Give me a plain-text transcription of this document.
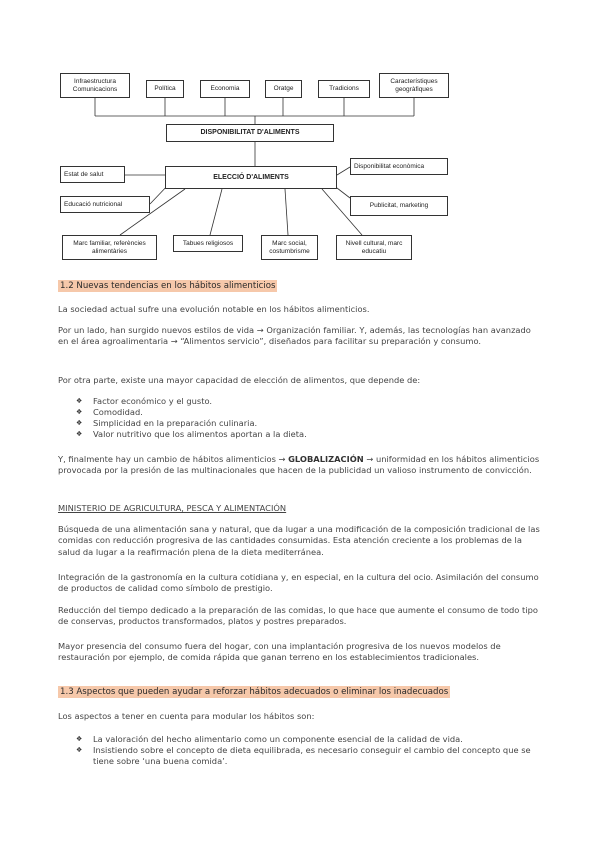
Infraestructura Comunicacions	Política	Economia	Oratge	Tradicions
Característiques geogràfiques
DISPONIBILITAT D'ALIMENTS
ELECCIÓ D'ALIMENTS
Estat de salut
Educació nutricional
Disponibilitat econòmica
Publicitat, marketing
Marc familiar, referències alimentàries
Tabues religiosos	Marc social, costumbrisme
Nivell cultural, marc educatiu
1.2 Nuevas tendencias en los hábitos alimenticios

La sociedad actual sufre una evolución notable en los hábitos alimenticios.

Por un lado, han surgido nuevos estilos de vida → Organización familiar. Y, además, las tecnologías han avanzado en el área agroalimentaria → “Alimentos servicio”, diseñados para facilitar su preparación y consumo.

Por otra parte, existe una mayor capacidad de elección de alimentos, que depende de:

❖ Factor económico y el gusto.
❖ Comodidad.
❖ Simplicidad en la preparación culinaria.
❖ Valor nutritivo que los alimentos aportan a la dieta.

Y, finalmente hay un cambio de hábitos alimenticios → GLOBALIZACIÓN → uniformidad en los hábitos alimenticios provocada por la presión de las multinacionales que hacen de la publicidad un valioso instrumento de convicción.

MINISTERIO DE AGRICULTURA, PESCA Y ALIMENTACIÓN

Búsqueda de una alimentación sana y natural, que da lugar a una modificación de la composición tradicional de las comidas con reducción progresiva de las cantidades consumidas. Esta atención creciente a los problemas de la salud da lugar a la reafirmación plena de la dieta mediterránea.

Integración de la gastronomía en la cultura cotidiana y, en especial, en la cultura del ocio. Asimilación del consumo de productos de calidad como símbolo de prestigio.

Reducción del tiempo dedicado a la preparación de las comidas, lo que hace que aumente el consumo de todo tipo de conservas, productos transformados, platos y postres preparados.

Mayor presencia del consumo fuera del hogar, con una implantación progresiva de los nuevos modelos de restauración por ejemplo, de comida rápida que ganan terreno en los establecimientos tradicionales.

1.3 Aspectos que pueden ayudar a reforzar hábitos adecuados o eliminar los inadecuados

Los aspectos a tener en cuenta para modular los hábitos son:

❖ La valoración del hecho alimentario como un componente esencial de la calidad de vida.
❖ Insistiendo sobre el concepto de dieta equilibrada, es necesario conseguir el cambio del concepto que se tiene sobre ‘una buena comida’.
